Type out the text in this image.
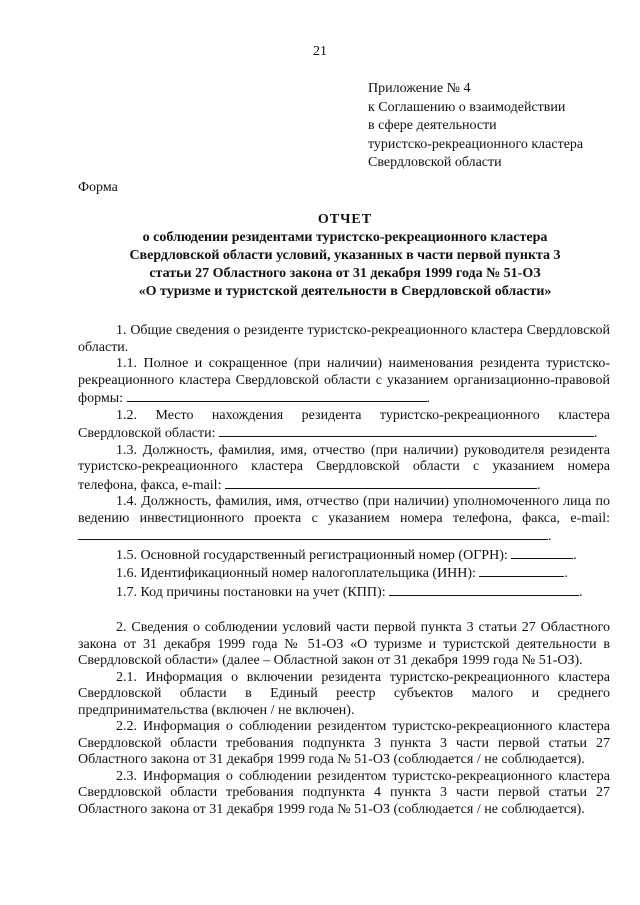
21
Приложение № 4
к Соглашению о взаимодействии
в сфере деятельности
туристско-рекреационного кластера
Свердловской области
Форма
ОТЧЕТ
о соблюдении резидентами туристско-рекреационного кластера
Свердловской области условий, указанных в части первой пункта 3
статьи 27 Областного закона от 31 декабря 1999 года № 51-ОЗ
«О туризме и туристской деятельности в Свердловской области»

1. Общие сведения о резиденте туристско-рекреационного кластера Свердловской области.

1.1. Полное и сокращенное (при наличии) наименования резидента туристско-рекреационного кластера Свердловской области с указанием организационно-правовой формы:	.

1.2. Место нахождения резидента туристско-рекреационного кластера Свердловской области:	.

1.3. Должность, фамилия, имя, отчество (при наличии) руководителя резидента туристско-рекреационного кластера Свердловской области с указанием номера телефона, факса, e-mail:	.

1.4. Должность, фамилия, имя, отчество (при наличии) уполномоченного лица по ведению инвестиционного проекта с указанием номера телефона, факса, e-mail: .

1.5. Основной государственный регистрационный номер (ОГРН):	.

1.6. Идентификационный номер налогоплательщика (ИНН):	.

1.7. Код причины постановки на учет (КПП):	.

2. Сведения о соблюдении условий части первой пункта 3 статьи 27 Областного закона от 31 декабря 1999 года № 51-ОЗ «О туризме и туристской деятельности в Свердловской области» (далее – Областной закон от 31 декабря 1999 года № 51-ОЗ).

2.1. Информация о включении резидента туристско-рекреационного кластера Свердловской области в Единый реестр субъектов малого и среднего предпринимательства (включен / не включен).

2.2. Информация о соблюдении резидентом туристско-рекреационного кластера Свердловской области требования подпункта 3 пункта 3 части первой статьи 27 Областного закона от 31 декабря 1999 года № 51-ОЗ (соблюдается / не соблюдается).

2.3. Информация о соблюдении резидентом туристско-рекреационного кластера Свердловской области требования подпункта 4 пункта 3 части первой статьи 27 Областного закона от 31 декабря 1999 года № 51-ОЗ (соблюдается / не соблюдается).
